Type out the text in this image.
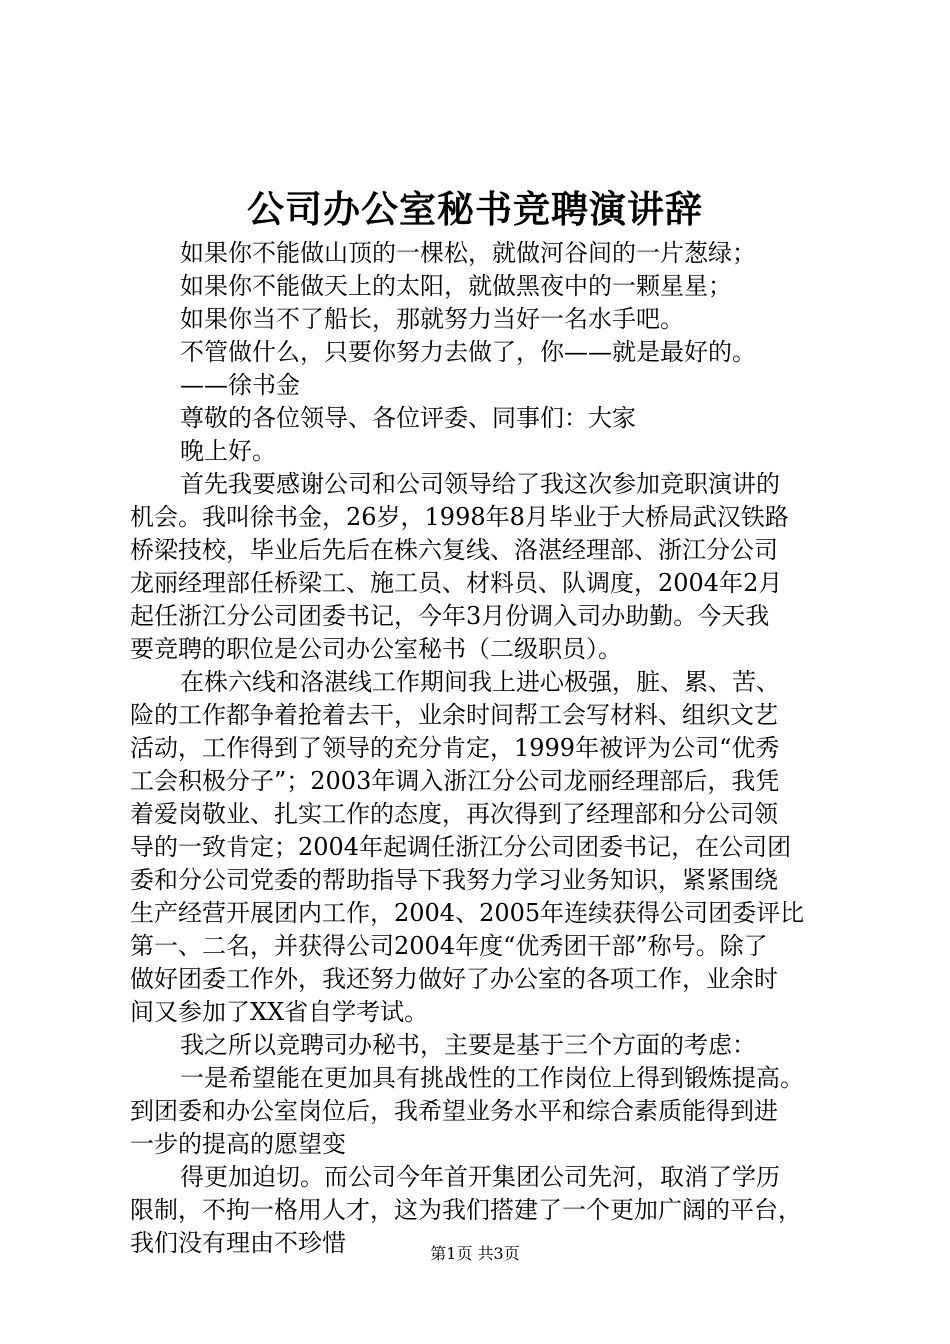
公司办公室秘书竞聘演讲辞
如果你不能做山顶的一棵松，就做河谷间的一片葱绿；
如果你不能做天上的太阳，就做黑夜中的一颗星星；
如果你当不了船长，那就努力当好一名水手吧。
不管做什么，只要你努力去做了，你——就是最好的。
——徐书金
尊敬的各位领导、各位评委、同事们：大家
晚上好。
首先我要感谢公司和公司领导给了我这次参加竞职演讲的
机会。我叫徐书金，26岁，1998年8月毕业于大桥局武汉铁路
桥梁技校，毕业后先后在株六复线、洛湛经理部、浙江分公司
龙丽经理部任桥梁工、施工员、材料员、队调度，2004年2月
起任浙江分公司团委书记，今年3月份调入司办助勤。今天我
要竞聘的职位是公司办公室秘书（二级职员）。
在株六线和洛湛线工作期间我上进心极强，脏、累、苦、
险的工作都争着抢着去干，业余时间帮工会写材料、组织文艺
活动，工作得到了领导的充分肯定，1999年被评为公司“优秀
工会积极分子”；2003年调入浙江分公司龙丽经理部后，我凭
着爱岗敬业、扎实工作的态度，再次得到了经理部和分公司领
导的一致肯定；2004年起调任浙江分公司团委书记，在公司团
委和分公司党委的帮助指导下我努力学习业务知识，紧紧围绕
生产经营开展团内工作，2004、2005年连续获得公司团委评比
第一、二名，并获得公司2004年度“优秀团干部”称号。除了
做好团委工作外，我还努力做好了办公室的各项工作，业余时
间又参加了XX省自学考试。
我之所以竞聘司办秘书，主要是基于三个方面的考虑：
一是希望能在更加具有挑战性的工作岗位上得到锻炼提高。
到团委和办公室岗位后，我希望业务水平和综合素质能得到进
一步的提高的愿望变
得更加迫切。而公司今年首开集团公司先河，取消了学历
限制，不拘一格用人才，这为我们搭建了一个更加广阔的平台，
我们没有理由不珍惜	第1页 共3页
